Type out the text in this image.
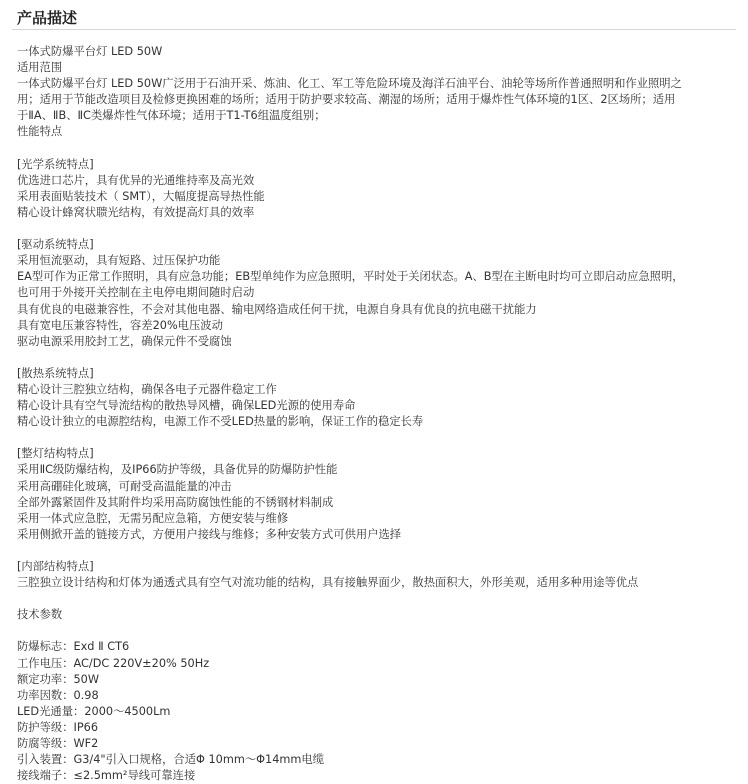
产品描述
一体式防爆平台灯 LED 50W
适用范围
一体式防爆平台灯 LED 50W广泛用于石油开采、炼油、化工、军工等危险环境及海洋石油平台、油轮等场所作普通照明和作业照明之
用；适用于节能改造项目及检修更换困难的场所；适用于防护要求较高、潮湿的场所；适用于爆炸性气体环境的1区、2区场所；适用
于ⅡA、ⅡB、ⅡC类爆炸性气体环境；适用于T1-T6组温度组别；
性能特点
[光学系统特点]
优选进口芯片，具有优异的光通维持率及高光效
采用表面贴装技术（ SMT），大幅度提高导热性能
精心设计蜂窝状聩光结构，有效提高灯具的效率
[驱动系统特点]
采用恒流驱动，具有短路、过压保护功能
EA型可作为正常工作照明，具有应急功能；EB型单纯作为应急照明，平时处于关闭状态。A、B型在主断电时均可立即启动应急照明，
也可用于外接开关控制在主电停电期间随时启动
具有优良的电磁兼容性，不会对其他电器、输电网络造成任何干扰，电源自身具有优良的抗电磁干扰能力
具有宽电压兼容特性，容差20%电压波动
驱动电源采用胶封工艺，确保元件不受腐蚀
[散热系统特点]
精心设计三腔独立结构，确保各电子元器件稳定工作
精心设计具有空气导流结构的散热导风槽，确保LED光源的使用寿命
精心设计独立的电源腔结构，电源工作不受LED热量的影响，保证工作的稳定长寿
[整灯结构特点]
采用ⅡC级防爆结构，及IP66防护等级，具备优异的防爆防护性能
采用高硼硅化玻璃，可耐受高温能量的冲击
全部外露紧固件及其附件均采用高防腐蚀性能的不锈钢材料制成
采用一体式应急腔，无需另配应急箱，方便安装与维修
采用侧掀开盖的链接方式，方便用户接线与维修；多种安装方式可供用户选择
[内部结构特点]
三腔独立设计结构和灯体为通透式具有空气对流功能的结构，具有接触界面少，散热面积大，外形美观，适用多种用途等优点
技术参数
防爆标志：Exd Ⅱ CT6
工作电压：AC/DC 220V±20% 50Hz
额定功率：50W
功率因数：0.98
LED光通量：2000～4500Lm
防护等级：IP66
防腐等级：WF2
引入装置：G3/4"引入口规格，合适Φ 10mm～Φ14mm电缆
接线端子：≤2.5mm²导线可靠连接
